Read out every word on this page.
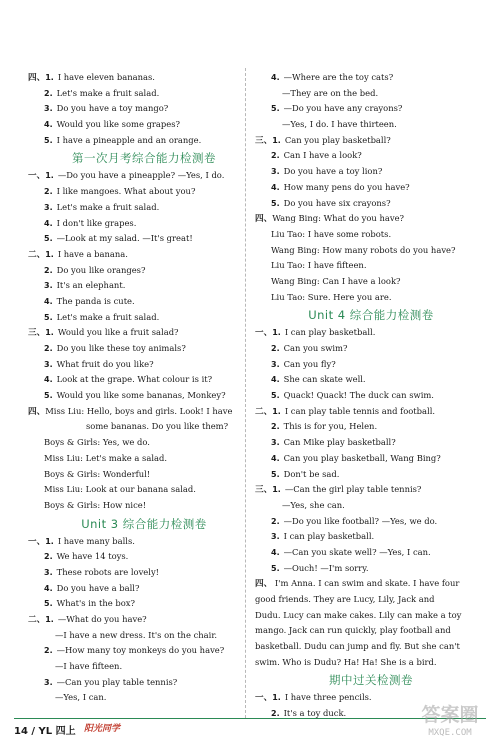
四、1. I have eleven bananas.
2. Let's make a fruit salad.
3. Do you have a toy mango?
4. Would you like some grapes?
5. I have a pineapple and an orange.
第一次月考综合能力检测卷
一、1. —Do you have a pineapple? —Yes, I do.
2. I like mangoes. What about you?
3. Let's make a fruit salad.
4. I don't like grapes.
5. —Look at my salad. —It's great!
二、1. I have a banana.
2. Do you like oranges?
3. It's an elephant.
4. The panda is cute.
5. Let's make a fruit salad.
三、1. Would you like a fruit salad?
2. Do you like these toy animals?
3. What fruit do you like?
4. Look at the grape. What colour is it?
5. Would you like some bananas, Monkey?
四、Miss Liu: Hello, boys and girls. Look! I have
some bananas. Do you like them?
Boys & Girls: Yes, we do.
Miss Liu: Let's make a salad.
Boys & Girls: Wonderful!
Miss Liu: Look at our banana salad.
Boys & Girls: How nice!
Unit 3 综合能力检测卷
一、1. I have many balls.
2. We have 14 toys.
3. These robots are lovely!
4. Do you have a ball?
5. What's in the box?
二、1. —What do you have?
—I have a new dress. It's on the chair.
2. —How many toy monkeys do you have?
—I have fifteen.
3. —Can you play table tennis?
—Yes, I can.
4. —Where are the toy cats?
—They are on the bed.
5. —Do you have any crayons?
—Yes, I do. I have thirteen.
三、1. Can you play basketball?
2. Can I have a look?
3. Do you have a toy lion?
4. How many pens do you have?
5. Do you have six crayons?
四、Wang Bing: What do you have?
Liu Tao: I have some robots.
Wang Bing: How many robots do you have?
Liu Tao: I have fifteen.
Wang Bing: Can I have a look?
Liu Tao: Sure. Here you are.
Unit 4 综合能力检测卷
一、1. I can play basketball.
2. Can you swim?
3. Can you fly?
4. She can skate well.
5. Quack! Quack! The duck can swim.
二、1. I can play table tennis and football.
2. This is for you, Helen.
3. Can Mike play basketball?
4. Can you play basketball, Wang Bing?
5. Don't be sad.
三、1. —Can the girl play table tennis?
—Yes, she can.
2. —Do you like football? —Yes, we do.
3. I can play basketball.
4. —Can you skate well? —Yes, I can.
5. —Ouch! —I'm sorry.
四、 I'm Anna. I can swim and skate. I have four
good friends. They are Lucy, Lily, Jack and
Dudu. Lucy can make cakes. Lily can make a toy
mango. Jack can run quickly, play football and
basketball. Dudu can jump and fly. But she can't
swim. Who is Dudu? Ha! Ha! She is a bird.
期中过关检测卷
一、1. I have three pencils.
2. It's a toy duck.
14 / YL 四上 阳光同学
答案圈
MXQE.COM
